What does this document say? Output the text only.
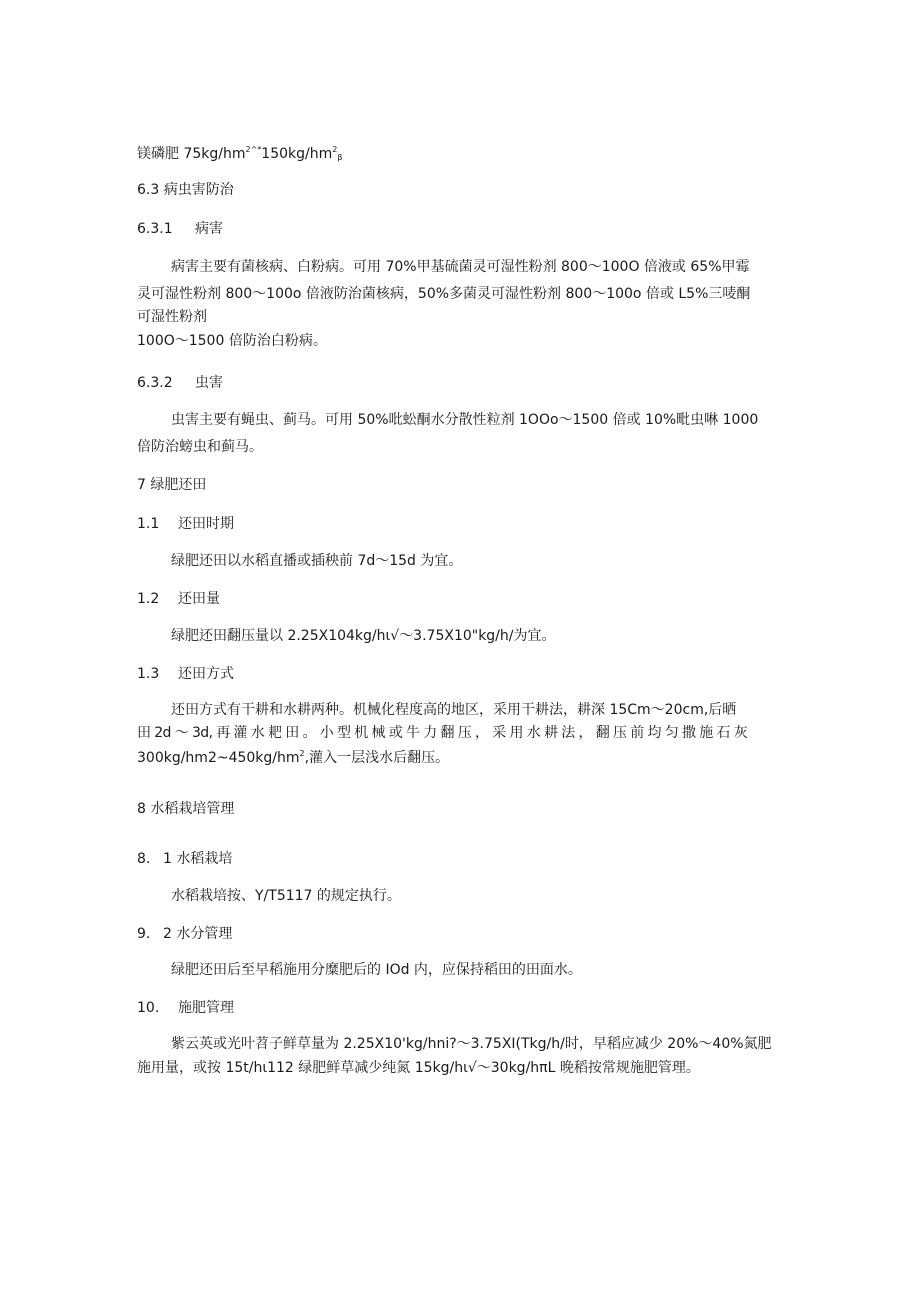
镁磷肥 $75kg/hm^{2\^{}*}150kg/hm^2_\beta$
6.3 病虫害防治
6.3.1 病害
病害主要有菌核病、白粉病。可用 70%甲基硫菌灵可湿性粉剂 800～100O 倍液或 65%甲霉
灵可湿性粉剂 800～100o 倍液防治菌核病，50%多菌灵可湿性粉剂 800～100o 倍或 L5%三唛酮
可湿性粉剂
100O～1500 倍防治白粉病。
6.3.2 虫害
虫害主要有蝇虫、蓟马。可用 50%吡蚣酮水分散性粒剂 1OOo～1500 倍或 10%毗虫啉 1000
倍防治螃虫和蓟马。
7 绿肥还田
1.1 还田时期
绿肥还田以水稻直播或插秧前 7d～15d 为宜。
1.2 还田量
绿肥还田翻压量以 2.25X104kg/hι√～3.75X10"kg/h∕为宜。
1.3 还田方式
还田方式有干耕和水耕两种。机械化程度高的地区，采用干耕法，耕深 15Cm～20cm,后晒
田 2d ～ 3d, 再 灌 水 耙 田 。 小 型 机 械 或 牛 力 翻 压 ， 采 用 水 耕 法 ， 翻 压 前 均 匀 撒 施 石 灰
$300kg/hm2\sim 450kg/hm^2$,灌入一层浅水后翻压。
8 水稻栽培管理
8. 1 水稻栽培
水稻栽培按、Y/T5117 的规定执行。
9. 2 水分管理
绿肥还田后至早稻施用分糜肥后的 IOd 内，应保持稻田的田面水。
10. 施肥管理
紫云英或光叶苕子鲜草量为 2.25X10'kg/hni?～3.75XI(Tkg/h/时，早稻应减少 20%～40%氮肥
施用量，或按 15t/hι112 绿肥鲜草减少纯氮 15kg/hι√～30kg/hπL 晚稻按常规施肥管理。
